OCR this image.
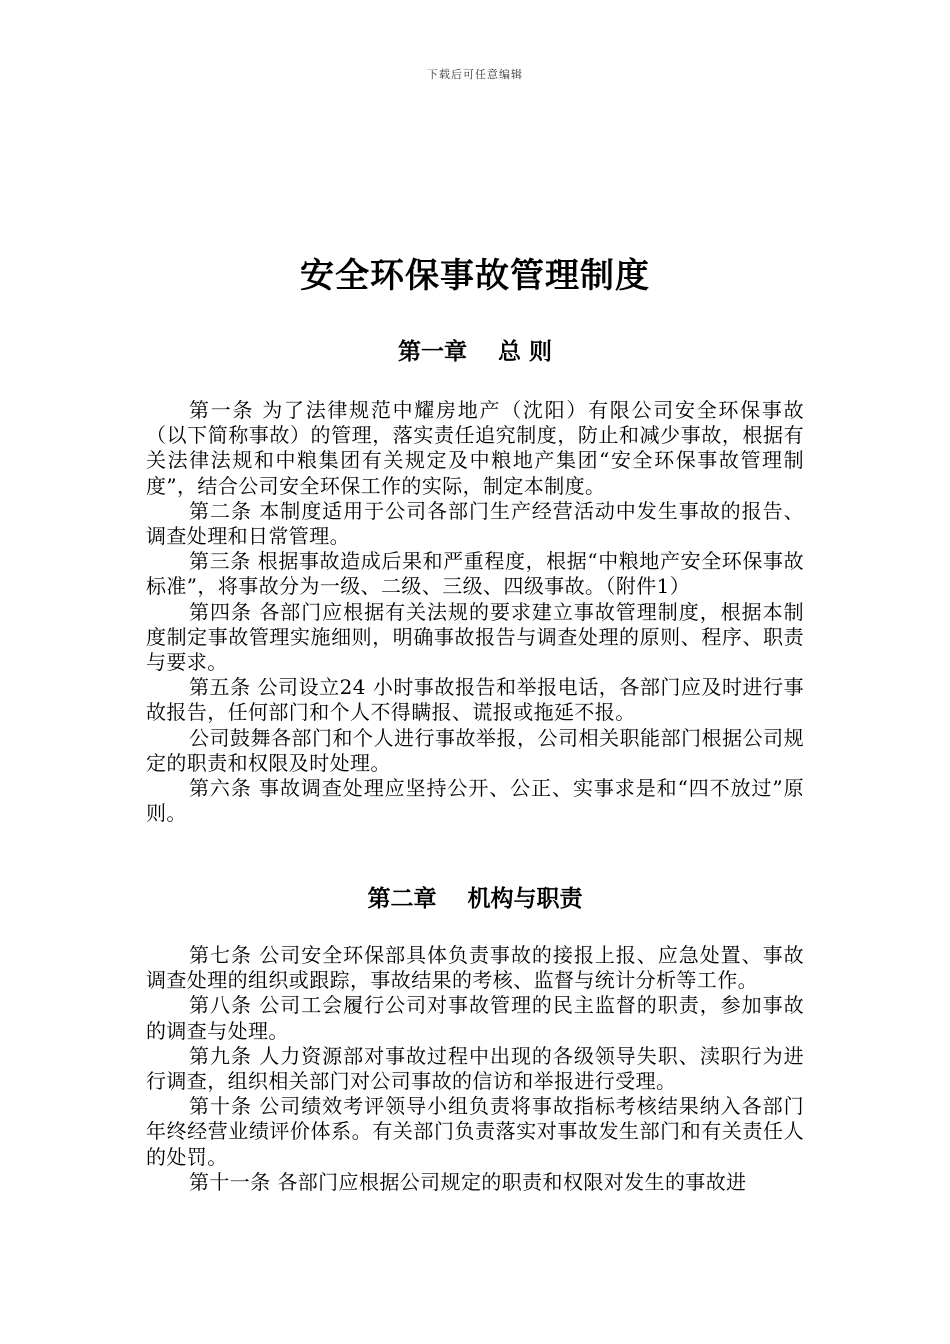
下载后可任意编辑
安全环保事故管理制度
第一章　 总 则

第一条 为了法律规范中耀房地产（沈阳）有限公司安全环保事故（以下简称事故）的管理，落实责任追究制度，防止和减少事故，根据有关法律法规和中粮集团有关规定及中粮地产集团“安全环保事故管理制度”，结合公司安全环保工作的实际，制定本制度。

第二条 本制度适用于公司各部门生产经营活动中发生事故的报告、调查处理和日常管理。

第三条 根据事故造成后果和严重程度，根据“中粮地产安全环保事故标准”，将事故分为一级、二级、三级、四级事故。（附件1）

第四条 各部门应根据有关法规的要求建立事故管理制度，根据本制度制定事故管理实施细则，明确事故报告与调查处理的原则、程序、职责与要求。

第五条 公司设立24 小时事故报告和举报电话，各部门应及时进行事故报告，任何部门和个人不得瞒报、谎报或拖延不报。

公司鼓舞各部门和个人进行事故举报，公司相关职能部门根据公司规定的职责和权限及时处理。

第六条 事故调查处理应坚持公开、公正、实事求是和“四不放过”原则。

第二章　 机构与职责

第七条 公司安全环保部具体负责事故的接报上报、应急处置、事故调查处理的组织或跟踪，事故结果的考核、监督与统计分析等工作。

第八条 公司工会履行公司对事故管理的民主监督的职责，参加事故的调查与处理。

第九条 人力资源部对事故过程中出现的各级领导失职、渎职行为进行调查，组织相关部门对公司事故的信访和举报进行受理。

第十条 公司绩效考评领导小组负责将事故指标考核结果纳入各部门年终经营业绩评价体系。有关部门负责落实对事故发生部门和有关责任人的处罚。

第十一条 各部门应根据公司规定的职责和权限对发生的事故进
